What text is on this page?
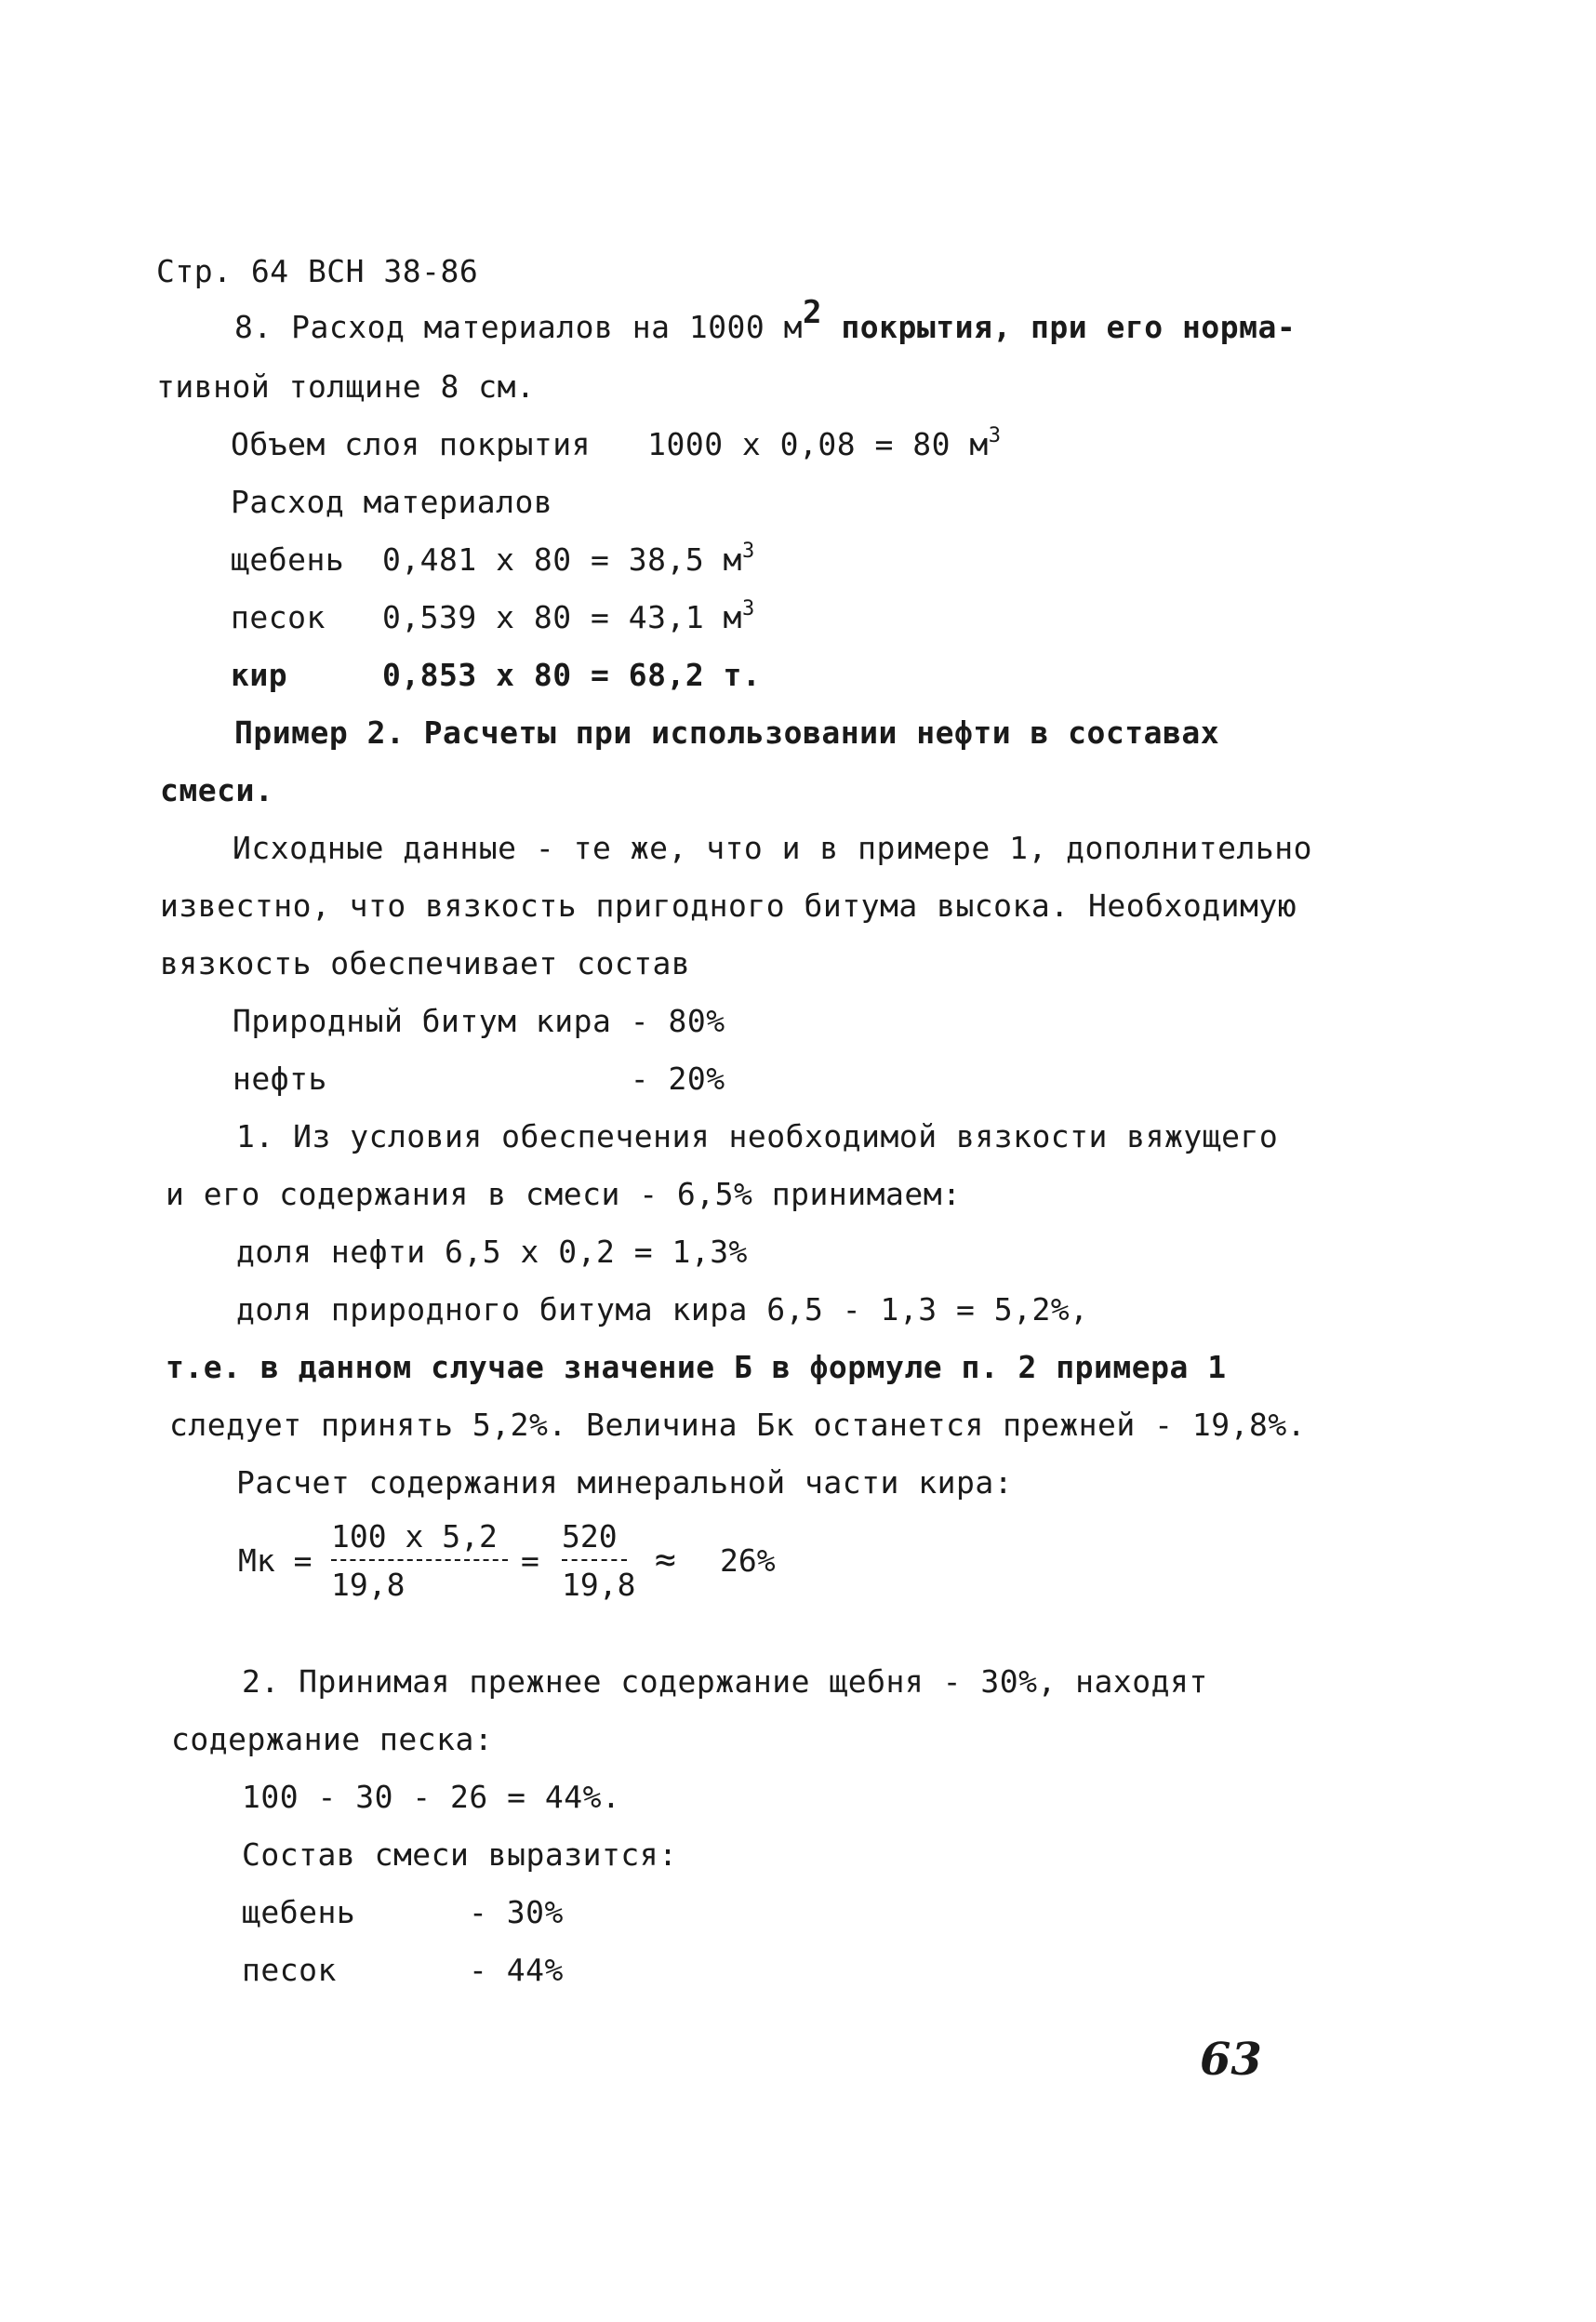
Стр. 64 ВСН 38-86
8. Расход материалов на 1000 м2 покрытия, при его норма-
тивной толщине 8 см.
Объем слоя покрытия   1000 х 0,08 = 80 $м^3$
Расход материалов
щебень  0,481 х 80 = 38,5 $м^3$
песок   0,539 х 80 = 43,1 $м^3$
кир     0,853 х 80 = 68,2 т.
Пример 2. Расчеты при использовании нефти в составах
смеси.
Исходные данные - те же, что и в примере 1, дополнительно
известно, что вязкость пригодного битума высока. Необходимую
вязкость обеспечивает состав
Природный битум кира - 80%
нефть                - 20%
1. Из условия обеспечения необходимой вязкости вяжущего
и его содержания в смеси - 6,5% принимаем:
доля нефти 6,5 х 0,2 = 1,3%
доля природного битума кира 6,5 - 1,3 = 5,2%,
т.е. в данном случае значение Б в формуле п. 2 примера 1
следует принять 5,2%. Величина Бк останется прежней - 19,8%.
Расчет содержания минеральной части кира:
Мк =
100 х 5,2
19,8
=
520
19,8
≈ 26%
2. Принимая прежнее содержание щебня - 30%, находят
содержание песка:
100 - 30 - 26 = 44%.
Состав смеси выразится:
щебень	- 30%
песок	- 44%
63
